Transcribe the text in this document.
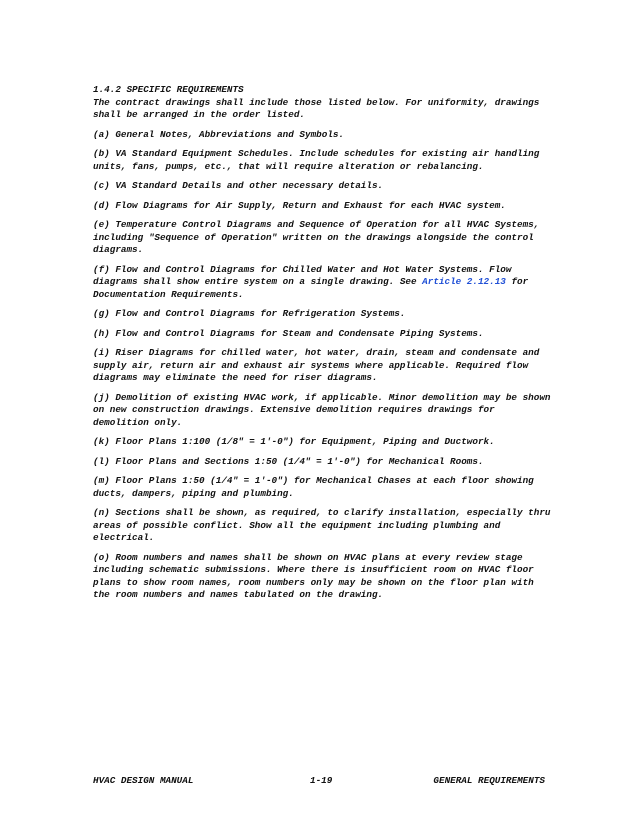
1.4.2 SPECIFIC REQUIREMENTS
The contract drawings shall include those listed below. For uniformity, drawings shall be arranged in the order listed.
(a) General Notes, Abbreviations and Symbols.
(b) VA Standard Equipment Schedules. Include schedules for existing air handling units, fans, pumps, etc., that will require alteration or rebalancing.
(c) VA Standard Details and other necessary details.
(d) Flow Diagrams for Air Supply, Return and Exhaust for each HVAC system.
(e) Temperature Control Diagrams and Sequence of Operation for all HVAC Systems, including "Sequence of Operation" written on the drawings alongside the control diagrams.
(f) Flow and Control Diagrams for Chilled Water and Hot Water Systems. Flow diagrams shall show entire system on a single drawing. See Article 2.12.13 for Documentation Requirements.
(g) Flow and Control Diagrams for Refrigeration Systems.
(h) Flow and Control Diagrams for Steam and Condensate Piping Systems.
(i) Riser Diagrams for chilled water, hot water, drain, steam and condensate and supply air, return air and exhaust air systems where applicable. Required flow diagrams may eliminate the need for riser diagrams.
(j) Demolition of existing HVAC work, if applicable. Minor demolition may be shown on new construction drawings. Extensive demolition requires drawings for demolition only.
(k) Floor Plans 1:100 (1/8" = 1'-0") for Equipment, Piping and Ductwork.
(l) Floor Plans and Sections 1:50 (1/4" = 1'-0") for Mechanical Rooms.
(m) Floor Plans 1:50 (1/4" = 1'-0") for Mechanical Chases at each floor showing ducts, dampers, piping and plumbing.
(n) Sections shall be shown, as required, to clarify installation, especially thru areas of possible conflict. Show all the equipment including plumbing and electrical.
(o) Room numbers and names shall be shown on HVAC plans at every review stage including schematic submissions. Where there is insufficient room on HVAC floor plans to show room names, room numbers only may be shown on the floor plan with the room numbers and names tabulated on the drawing.
HVAC DESIGN MANUAL	1-19	GENERAL REQUIREMENTS
